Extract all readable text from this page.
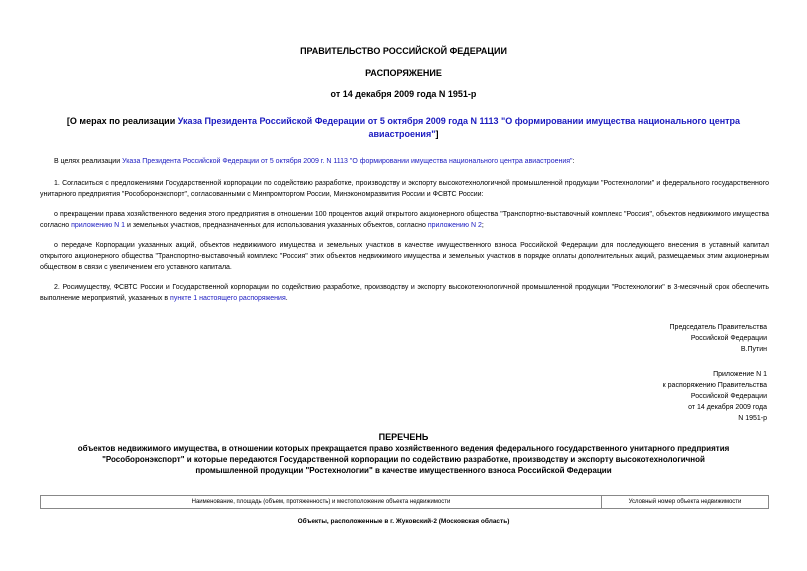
ПРАВИТЕЛЬСТВО РОССИЙСКОЙ ФЕДЕРАЦИИ
РАСПОРЯЖЕНИЕ
от 14 декабря 2009 года N 1951-р
[О мерах по реализации Указа Президента Российской Федерации от 5 октября 2009 года N 1113 "О формировании имущества национального центра
авиастроения"]
В целях реализации Указа Президента Российской Федерации от 5 октября 2009 г. N 1113 "О формировании имущества национального центра авиастроения":
1. Согласиться с предложениями Государственной корпорации по содействию разработке, производству и экспорту высокотехнологичной промышленной продукции "Ростехнологии" и федерального государственного унитарного предприятия "Рособоронэкспорт", согласованными с Минпромторгом России, Минэкономразвития России и ФСВТС России:
о прекращении права хозяйственного ведения этого предприятия в отношении 100 процентов акций открытого акционерного общества "Транспортно-выставочный комплекс "Россия", объектов недвижимого имущества согласно приложению N 1 и земельных участков, предназначенных для использования указанных объектов, согласно приложению N 2;
о передаче Корпорации указанных акций, объектов недвижимого имущества и земельных участков в качестве имущественного взноса Российской Федерации для последующего внесения в уставный капитал открытого акционерного общества "Транспортно-выставочный комплекс "Россия" этих объектов недвижимого имущества и земельных участков в порядке оплаты дополнительных акций, размещаемых этим акционерным обществом в связи с увеличением его уставного капитала.
2. Росимуществу, ФСВТС России и Государственной корпорации по содействию разработке, производству и экспорту высокотехнологичной промышленной продукции "Ростехнологии" в 3-месячный срок обеспечить выполнение мероприятий, указанных в пункте 1 настоящего распоряжения.
Председатель Правительства
Российской Федерации
В.Путин
Приложение N 1
к распоряжению Правительства
Российской Федерации
от 14 декабря 2009 года
N 1951-р
ПЕРЕЧЕНЬ
объектов недвижимого имущества, в отношении которых прекращается право хозяйственного ведения федерального государственного унитарного предприятия
"Рособоронэкспорт" и которые передаются Государственной корпорации по содействию разработке, производству и экспорту высокотехнологичной
промышленной продукции "Ростехнологии" в качестве имущественного взноса Российской Федерации
Наименование, площадь (объем, протяженность) и местоположение объекта недвижимости	Условный номер объекта недвижимости
Объекты, расположенные в г. Жуковский-2 (Московская область)
